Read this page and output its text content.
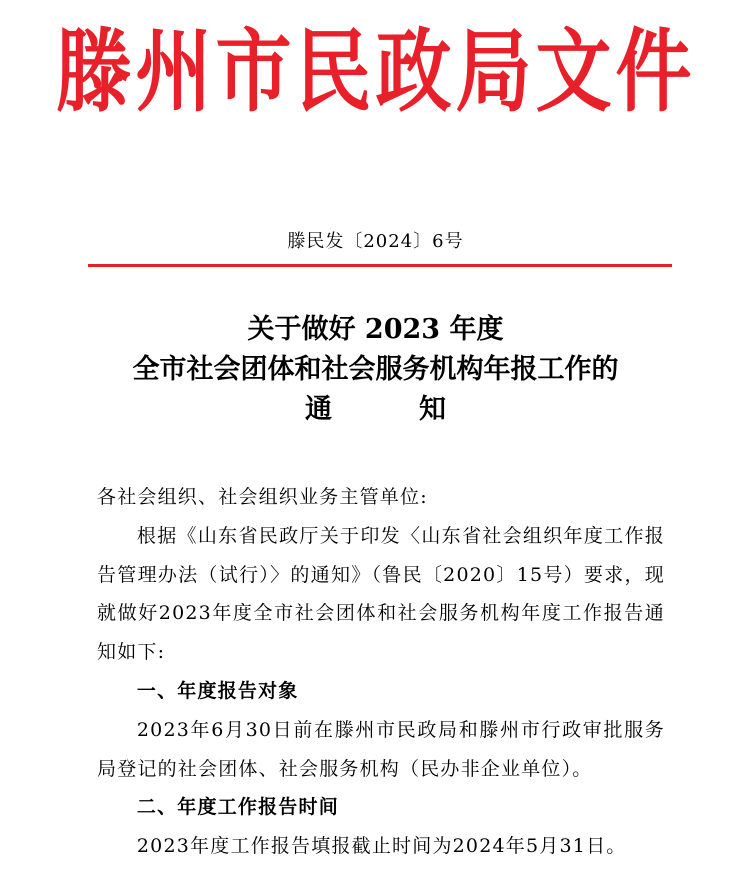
滕州市民政局文件
滕民发〔2024〕6号
关于做好 2023 年度
全市社会团体和社会服务机构年报工作的
通　知

各社会组织、社会组织业务主管单位:

根据《山东省民政厅关于印发〈山东省社会组织年度工作报告管理办法（试行）〉的通知》（鲁民〔2020〕15号）要求，现就做好2023年度全市社会团体和社会服务机构年度工作报告通知如下:

一、年度报告对象

2023年6月30日前在滕州市民政局和滕州市行政审批服务局登记的社会团体、社会服务机构（民办非企业单位）。

二、年度工作报告时间

2023年度工作报告填报截止时间为2024年5月31日。
